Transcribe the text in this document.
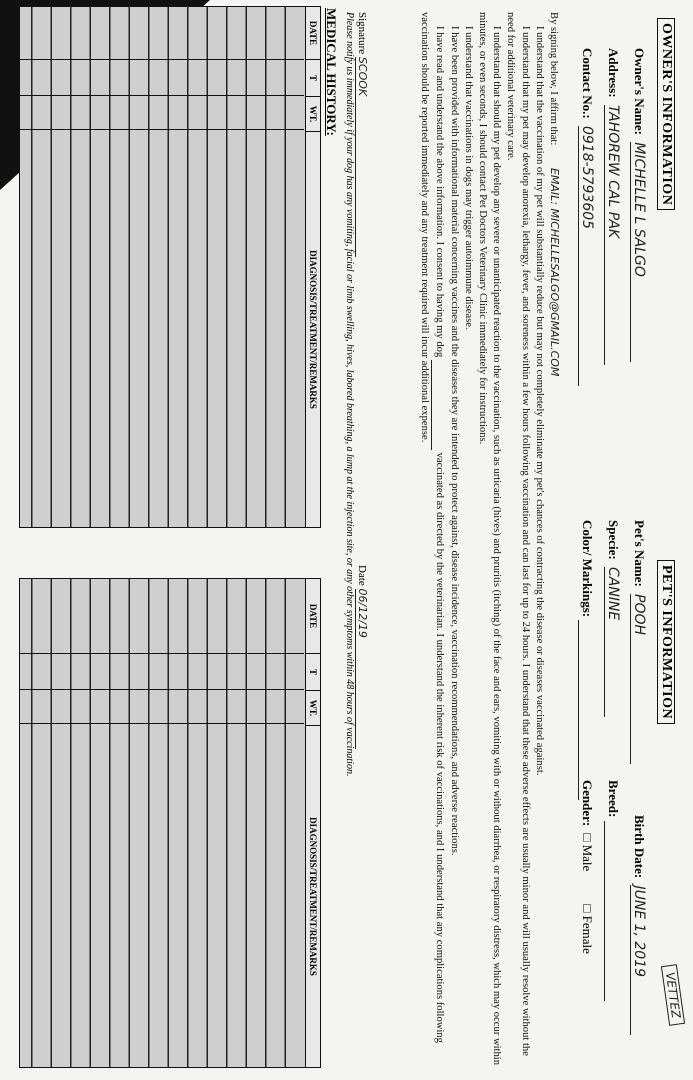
OWNER'S INFORMATION
PET'S INFORMATION
VETTEZ
Owner's Name: MICHELLE L SALGO
Address: TAHOREW CAL PAK
Contact No.: 0918-5793605
Pet's Name: POOH
Birth Date: JUNE 1, 2019
Specie: CANINE
Breed:
Color/ Markings:
Gender: □ Male □ Female

By signing below, I affirm that: EMAIL: MICHELLESALGO@GMAIL.COM

I understand that the vaccination of my pet will substantially reduce but may not completely eliminate my pet's chances of contracting the disease or diseases vaccinated against.

I understand that my pet may develop anorexia, lethargy, fever, and soreness within a few hours following vaccination and can last for up to 24 hours. I understand that these adverse effects are usually minor and will usually resolve without the need for additional veterinary care.

I understand that should my pet develop any severe or unanticipated reaction to the vaccination, such as urticaria (hives) and pruritis (itching) of the face and ears, vomiting with or without diarrhea, or respiratory distress, which may occur within minutes, or even seconds, I should contact Pet Doctors Veterinary Clinic immediately for instructions.

I understand that vaccinations in dogs may trigger autoimmune disease.

I have been provided with informational material concerning vaccines and the diseases they are intended to protect against, disease incidence, vaccination recommendations, and adverse reactions.

I have read and understand the above information. I consent to having my dog   vaccinated as directed by the veterinarian. I understand the inherent risk of vaccinations, and I understand that any complications following vaccination should be reported immediately and any treatment required will incur additional expense.

Signature SCOOK
Date 06/12/19
Please notify us immediately if your dog has any vomiting, facial or limb swelling, hives, labored breathing, a lump at the injection site, or any other symptoms within 48 hours of vaccination.
MEDICAL HISTORY:
DATE
T
WT.
DIAGNOSIS/TREATMENT/REMARKS
DATE
T
WT.
DIAGNOSIS/TREATMENT/REMARKS
